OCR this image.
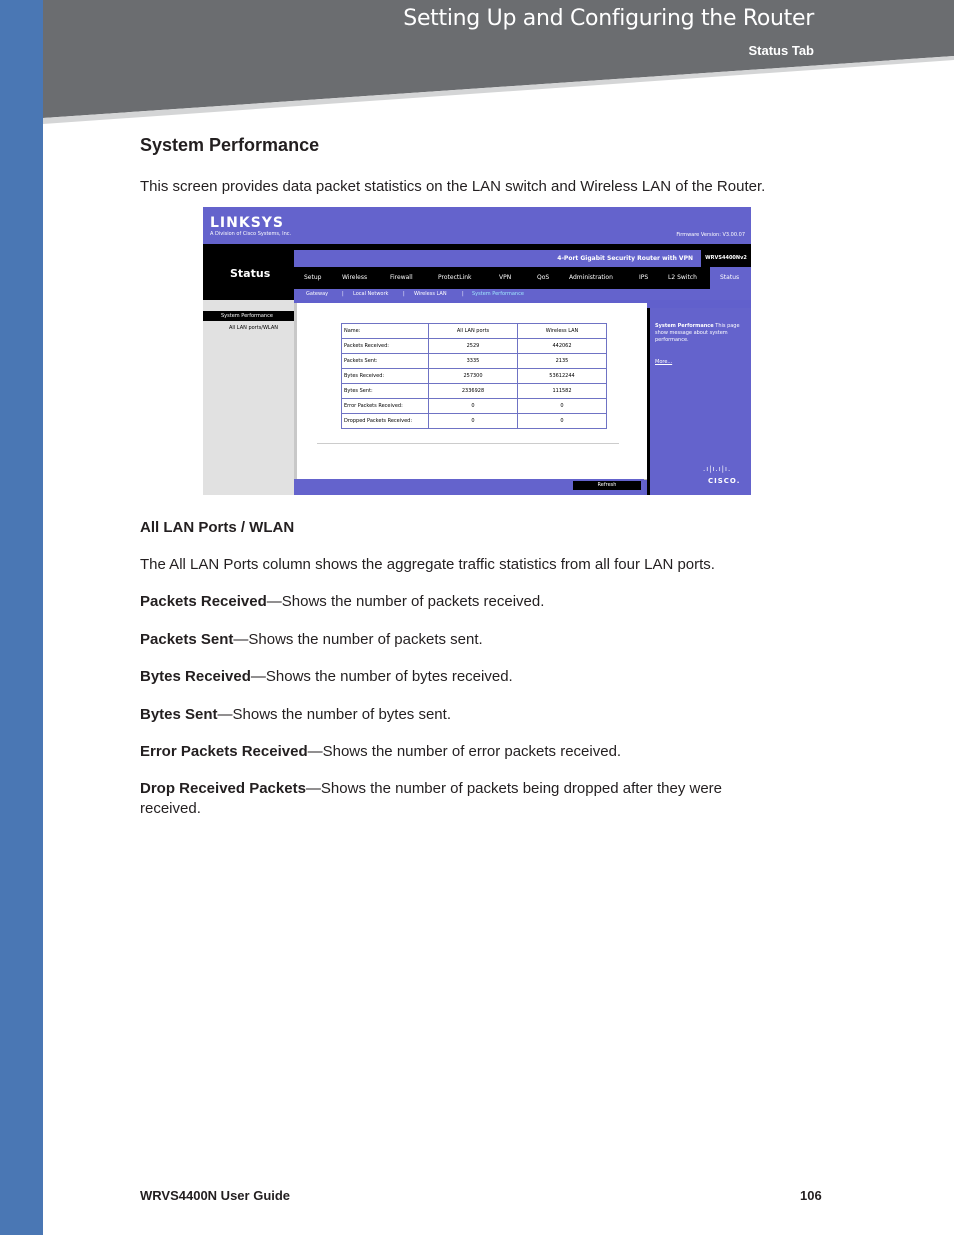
Setting Up and Configuring the Router
Status Tab
System Performance
This screen provides data packet statistics on the LAN switch and Wireless LAN of the Router.
LINKSYS
A Division of Cisco Systems, Inc.	Firmware Version: V3.00.07
Status
4-Port Gigabit Security Router with VPN	WRVS4400Nv2
Setup	Wireless	Firewall	ProtectLink	VPN	QoS	Administration	IPS	L2 Switch	Status
Gateway	| Local Network	| Wireless LAN	| System Performance
System Performance
All LAN ports/WLAN	Name:	All LAN ports	Wireless LAN
Packets Received:	2529	442062
Packets Sent:	3335	2135
Bytes Received:	257300	53612244
Bytes Sent:	2336928	111582
Error Packets Received:	0	0
Dropped Packets Received:	0	0
System Performance This page show message about system performance.
More...
.ı|ı.ı|ı.
CISCO.
Refresh
All LAN Ports / WLAN
The All LAN Ports column shows the aggregate traffic statistics from all four LAN ports.
Packets Received—Shows the number of packets received.
Packets Sent—Shows the number of packets sent.
Bytes Received—Shows the number of bytes received.
Bytes Sent—Shows the number of bytes sent.
Error Packets Received—Shows the number of error packets received.
Drop Received Packets—Shows the number of packets being dropped after they were received.
WRVS4400N User Guide	106
